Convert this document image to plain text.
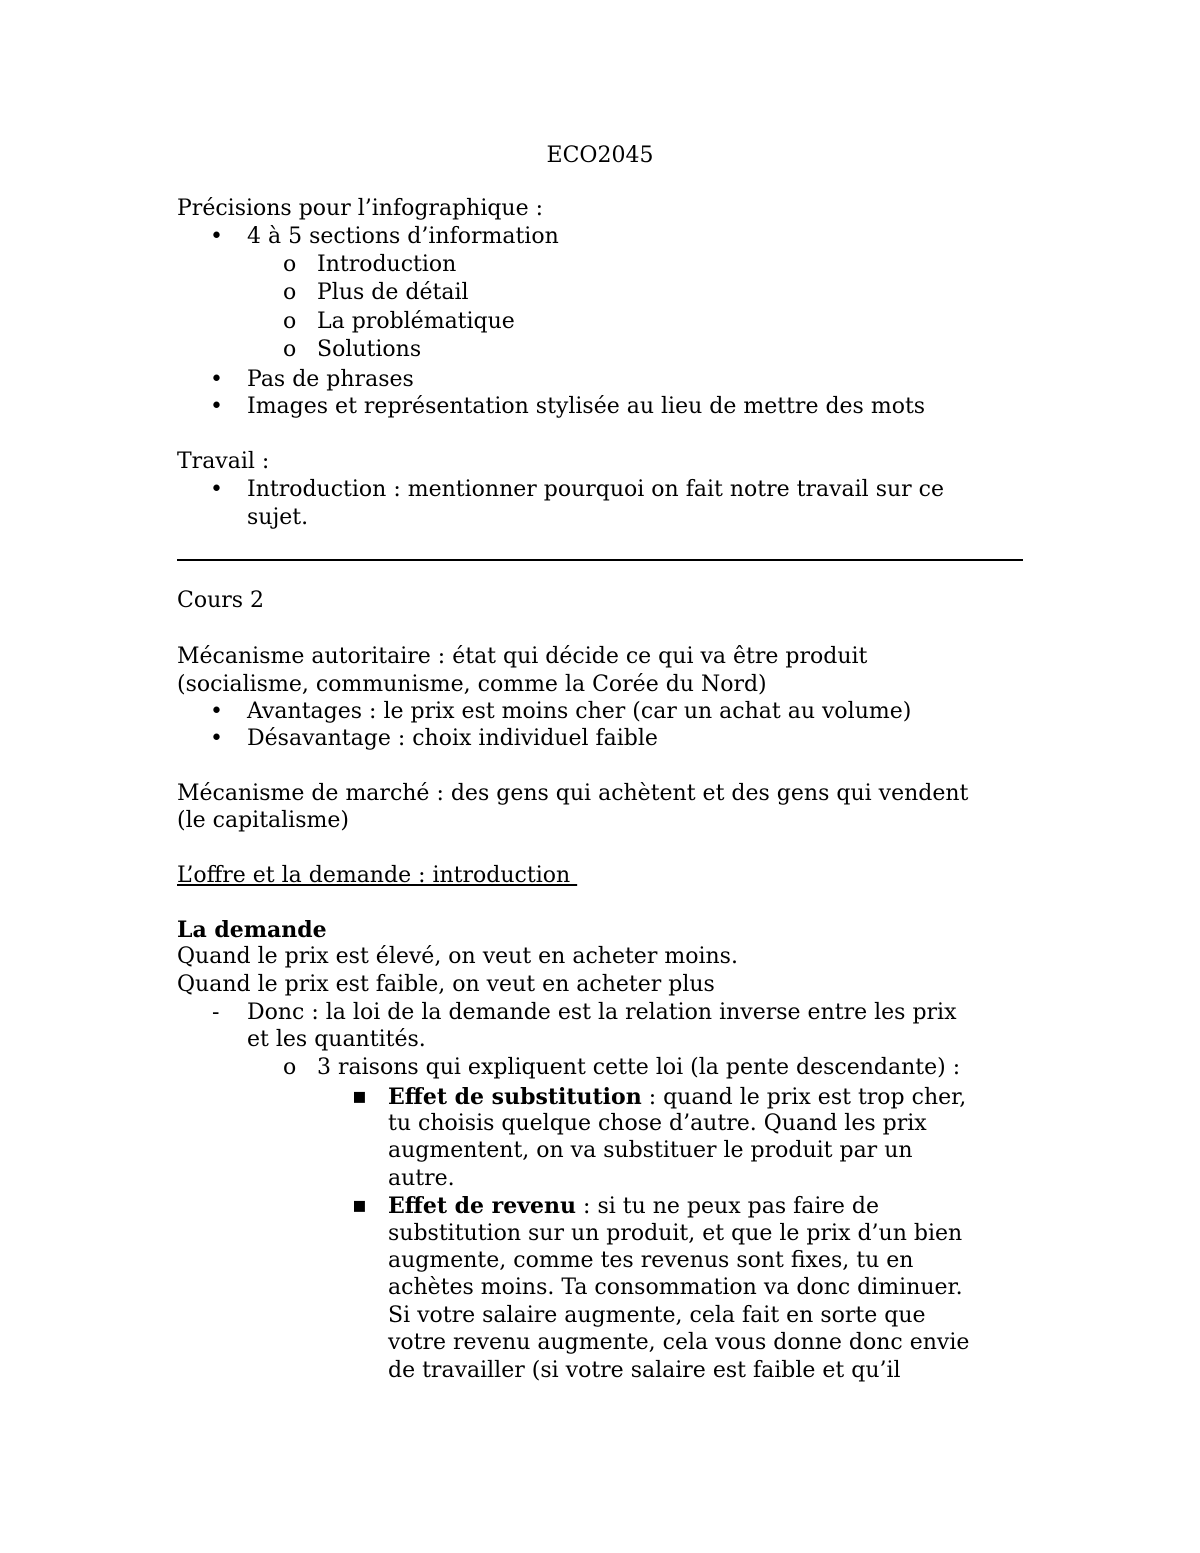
ECO2045
Précisions pour l’infographique :
• 4 à 5 sections d’information
o Introduction
o Plus de détail
o La problématique
o Solutions
• Pas de phrases
• Images et représentation stylisée au lieu de mettre des mots
Travail :
• Introduction : mentionner pourquoi on fait notre travail sur ce
sujet.
Cours 2
Mécanisme autoritaire : état qui décide ce qui va être produit
(socialisme, communisme, comme la Corée du Nord)
• Avantages : le prix est moins cher (car un achat au volume)
• Désavantage : choix individuel faible
Mécanisme de marché : des gens qui achètent et des gens qui vendent
(le capitalisme)
L’offre et la demande : introduction
La demande
Quand le prix est élevé, on veut en acheter moins.
Quand le prix est faible, on veut en acheter plus
- Donc : la loi de la demande est la relation inverse entre les prix
et les quantités.
o 3 raisons qui expliquent cette loi (la pente descendante) :
▪ Effet de substitution : quand le prix est trop cher,
tu choisis quelque chose d’autre. Quand les prix
augmentent, on va substituer le produit par un
autre.
▪ Effet de revenu : si tu ne peux pas faire de
substitution sur un produit, et que le prix d’un bien
augmente, comme tes revenus sont fixes, tu en
achètes moins. Ta consommation va donc diminuer.
Si votre salaire augmente, cela fait en sorte que
votre revenu augmente, cela vous donne donc envie
de travailler (si votre salaire est faible et qu’il
